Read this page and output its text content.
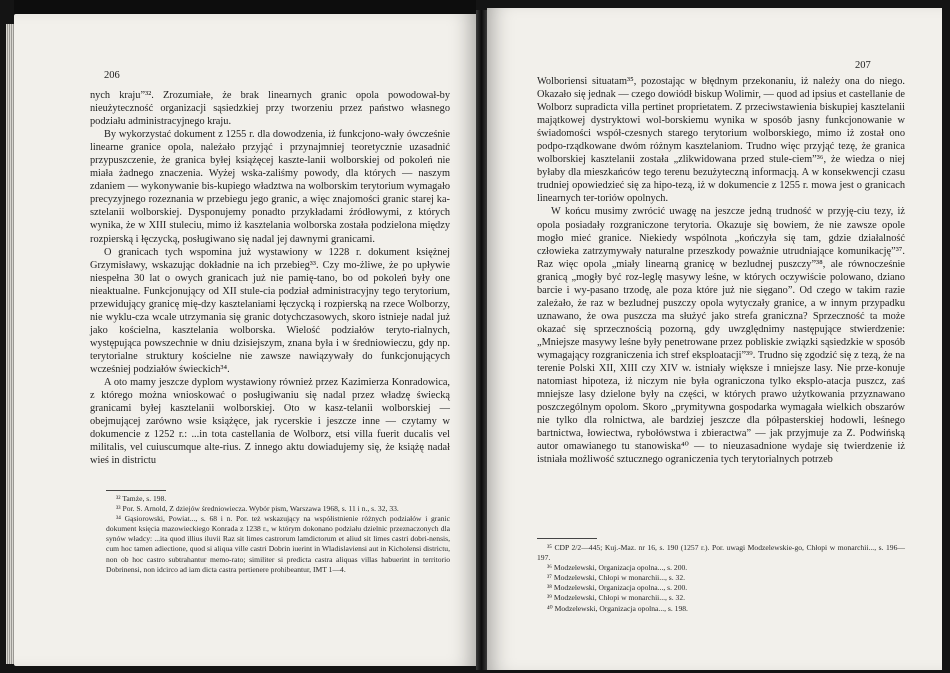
206

nych kraju”³². Zrozumiałe, że brak linearnych granic opola powodował-by nieużyteczność organizacji sąsiedzkiej przy tworzeniu przez państwo własnego podziału administracyjnego kraju.

By wykorzystać dokument z 1255 r. dla dowodzenia, iż funkcjono-wały ówcześnie linearne granice opola, należało przyjąć i przynajmniej teoretycznie uzasadnić przypuszczenie, że granica byłej książęcej kaszte-lanii wolborskiej od pokoleń nie miała żadnego znaczenia. Wyżej wska-zaliśmy powody, dla których — naszym zdaniem — wykonywanie bis-kupiego władztwa na wolborskim terytorium wymagało precyzyjnego rozeznania w przebiegu jego granic, a więc znajomości granic starej ka-sztelanii wolborskiej. Dysponujemy ponadto przykładami źródłowymi, z których wynika, że w XIII stuleciu, mimo iż kasztelania wolborska została podzielona między rozpierską i łęczycką, posługiwano się nadal jej dawnymi granicami.

O granicach tych wspomina już wystawiony w 1228 r. dokument księżnej Grzymisławy, wskazując dokładnie na ich przebieg³³. Czy mo-żliwe, że po upływie niespełna 30 lat o owych granicach już nie pamię-tano, bo od pokoleń były one nieaktualne. Funkcjonujący od XII stule-cia podział administracyjny tego terytorium, przewidujący granicę mię-dzy kasztelaniami łęczycką i rozpierską na rzece Wolborzy, nie wyklu-cza wcale utrzymania się granic dotychczasowych, skoro istnieje nadal już jako kościelna, kasztelania wolborska. Wielość podziałów teryto-rialnych, występująca powszechnie w dniu dzisiejszym, znana była i w średniowieczu, gdy np. terytorialne struktury kościelne nie zawsze nawiązywały do funkcjonujących wcześniej podziałów świeckich³⁴.

A oto mamy jeszcze dyplom wystawiony również przez Kazimierza Konradowica, z którego można wnioskować o posługiwaniu się nadal przez władzę świecką granicami byłej kasztelanii wolborskiej. Oto w kasz-telanii wolborskiej — obejmującej zarówno wsie książęce, jak rycerskie i jeszcze inne — czytamy w dokumencie z 1252 r.: ...in tota castellania de Wolborz, etsi villa fuerit ducalis vel militalis, vel cuiuscumque alte-rius. Z innego aktu dowiadujemy się, że książę nadał wieś in districtu

³² Tamże, s. 198.

³³ Por. S. Arnold, Z dziejów średniowiecza. Wybór pism, Warszawa 1968, s. 11 i n., s. 32, 33.

³⁴ Gąsiorowski, Powiat..., s. 68 i n. Por. też wskazujący na współistnienie różnych podziałów i granic dokument księcia mazowieckiego Konrada z 1238 r., w którym dokonano podziału dzielnic przeznaczonych dla synów władcy: ...ita quod illius iluvii Raz sit limes castrorum lamdictorum et aliud sit limes castri dobri-nensis, cum hoc tamen adiectione, quod si aliqua ville castri Dobrin iuerint in Wladislaviensi aut in Kicholensi districtu, non ob hoc castro subtrahantur memo-rato; similiter si predicta castra aliquas villas habuerint in territorio Dobrinensi, non idcirco ad iam dicta castra pertienere prohibeantur, IMT 1—4.

207

Wolboriensi situatam³⁵, pozostając w błędnym przekonaniu, iż należy ona do niego. Okazało się jednak — czego dowiódł biskup Wolimir, — quod ad ipsius et castellanie de Wolborz supradicta villa pertinet proprietatem. Z przeciwstawienia biskupiej kasztelanii majątkowej dystryktowi wol-borskiemu wynika w sposób jasny funkcjonowanie w świadomości współ-czesnych starego terytorium wolborskiego, mimo iż został ono podpo-rządkowane dwóm różnym kasztelaniom. Trudno więc przyjąć tezę, że granica wolborskiej kasztelanii została „zlikwidowana przed stule-ciem”³⁶, że wiedza o niej byłaby dla mieszkańców tego terenu bezużyteczną informacją. A w konsekwencji czasu trudniej opowiedzieć się za hipo-tezą, iż w dokumencie z 1255 r. mowa jest o granicach linearnych ter-toriów opolnych.

W końcu musimy zwrócić uwagę na jeszcze jedną trudność w przyję-ciu tezy, iż opola posiadały rozgraniczone terytoria. Okazuje się bowiem, że nie zawsze opole mogło mieć granice. Niekiedy wspólnota „kończyła się tam, gdzie działalność człowieka zatrzymywały naturalne przeszkody poważnie utrudniające komunikację”³⁷. Raz więc opola „miały linearną granicę w bezludnej puszczy”³⁸, ale równocześnie granicą „mogły być roz-leglę masywy leśne, w których oczywiście polowano, dziano barcie i wy-pasano trzodę, ale poza które już nie sięgano”. Od czego w takim razie zależało, że raz w bezludnej puszczy opola wytyczały granice, a w innym przypadku uznawano, że owa puszcza ma służyć jako strefa graniczna? Sprzeczność ta może okazać się sprzecznością pozorną, gdy uwzględnimy następujące stwierdzenie: „Mniejsze masywy leśne były penetrowane przez pobliskie związki sąsiedzkie w sposób wymagający rozgraniczenia ich stref eksploatacji”³⁹. Trudno się zgodzić się z tezą, że na terenie Polski XII, XIII czy XIV w. istniały większe i mniejsze lasy. Nie prze-konuje natomiast hipoteza, iż niczym nie była ograniczona tylko eksplo-atacja puszcz, zaś mniejsze lasy dzielone były na części, w których prawo użytkowania przyznawano poszczególnym opolom. Skoro „prymitywna gospodarka wymagała wielkich obszarów nie tylko dla rolnictwa, ale bardziej jeszcze dla półpasterskiej hodowli, leśnego bartnictwa, łowiectwa, rybołówstwa i zbieractwa” — jak przyjmuje za Z. Podwińską autor omawianego tu stanowiska⁴⁰ — to nieuzasadnione wydaje się twierdzenie iż istniała możliwość sztucznego ograniczenia tych terytorialnych potrzeb

³⁵ CDP 2/2—445; Kuj.-Maz. nr 16, s. 190 (1257 r.). Por. uwagi Modzelewskie-go, Chłopi w monarchii..., s. 196—197.

³⁶ Modzelewski, Organizacja opolna..., s. 200.

³⁷ Modzelewski, Chłopi w monarchii..., s. 32.

³⁸ Modzelewski, Organizacja opolna..., s. 200.

³⁹ Modzelewski, Chłopi w monarchii..., s. 32.

⁴⁰ Modzelewski, Organizacja opolna..., s. 198.
